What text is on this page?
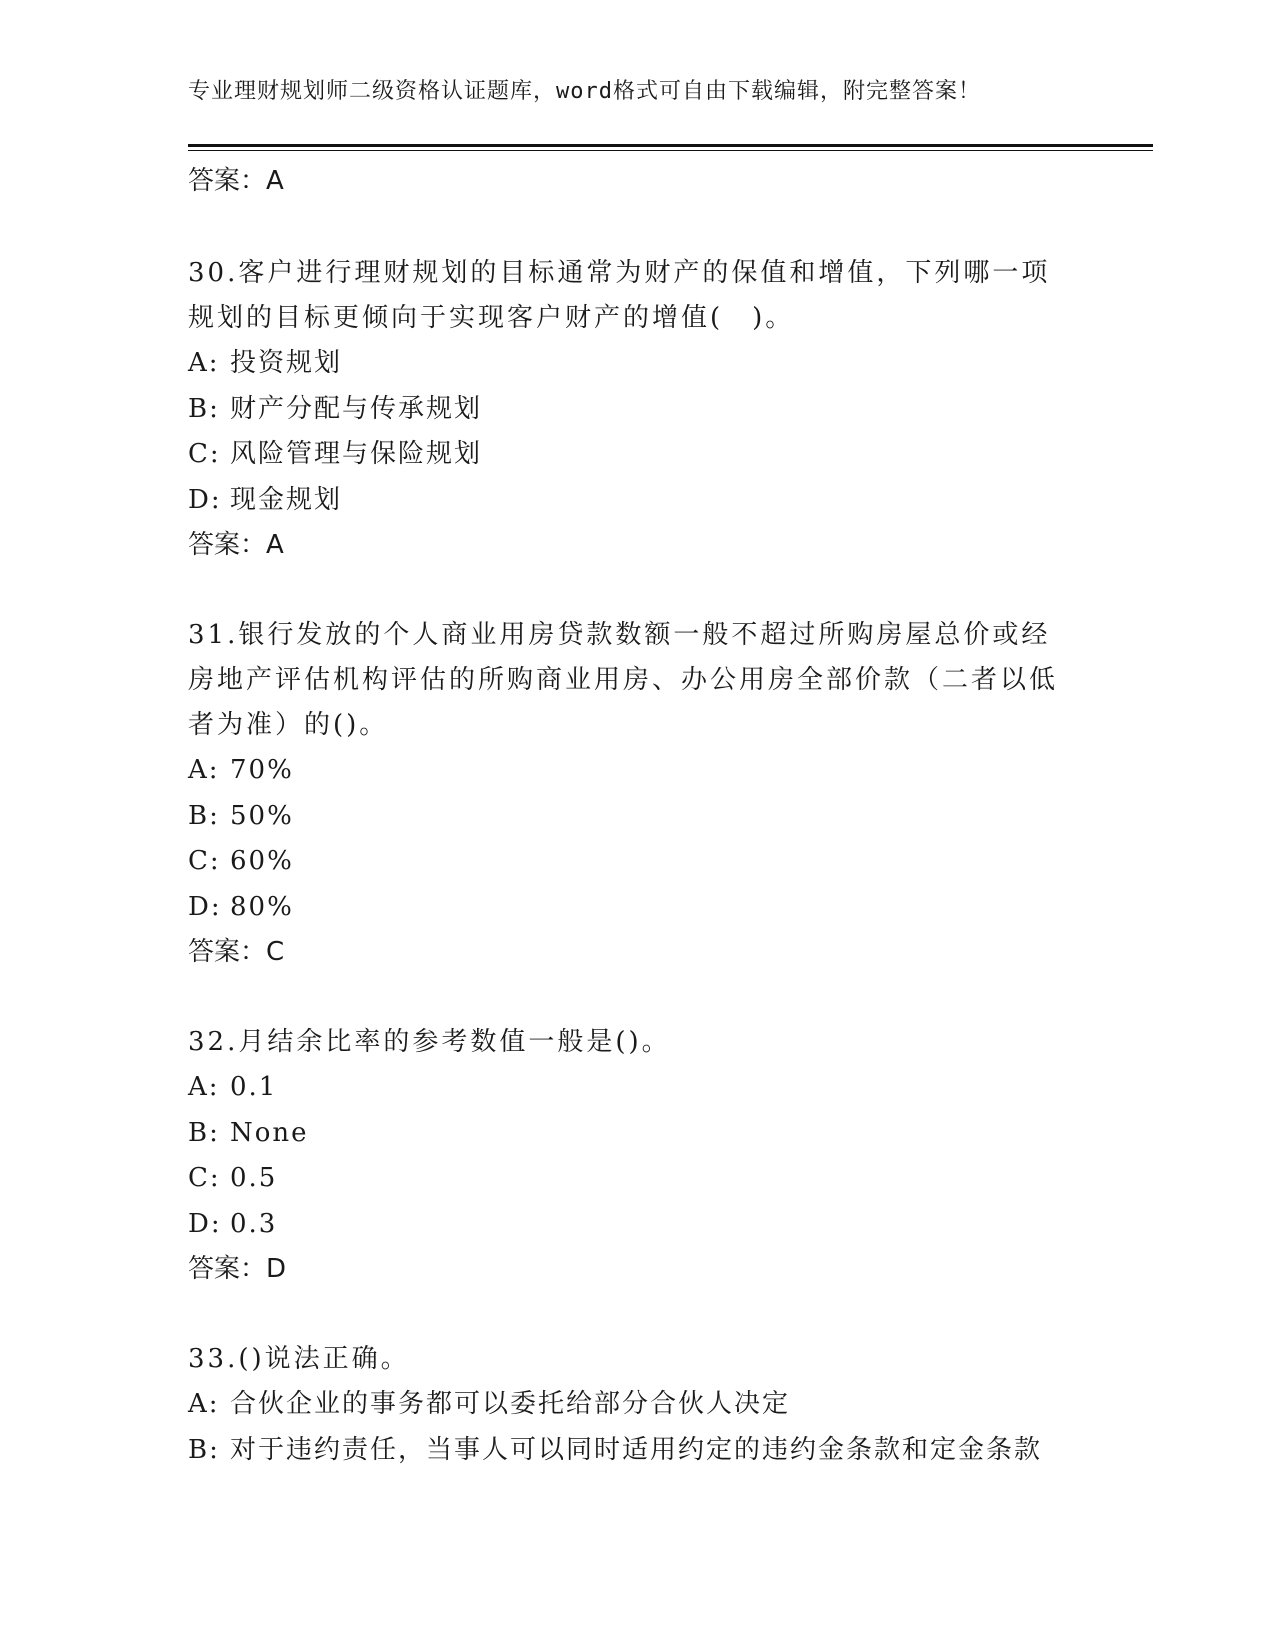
专业理财规划师二级资格认证题库，word格式可自由下载编辑，附完整答案！
答案：A
30.客户进行理财规划的目标通常为财产的保值和增值，下列哪一项规划的目标更倾向于实现客户财产的增值(　)。
A: 投资规划
B: 财产分配与传承规划
C: 风险管理与保险规划
D: 现金规划
答案：A
31.银行发放的个人商业用房贷款数额一般不超过所购房屋总价或经房地产评估机构评估的所购商业用房、办公用房全部价款（二者以低者为准）的()。
A: 70%
B: 50%
C: 60%
D: 80%
答案：C
32.月结余比率的参考数值一般是()。
A: 0.1
B: None
C: 0.5
D: 0.3
答案：D
33.()说法正确。
A: 合伙企业的事务都可以委托给部分合伙人决定
B: 对于违约责任，当事人可以同时适用约定的违约金条款和定金条款
